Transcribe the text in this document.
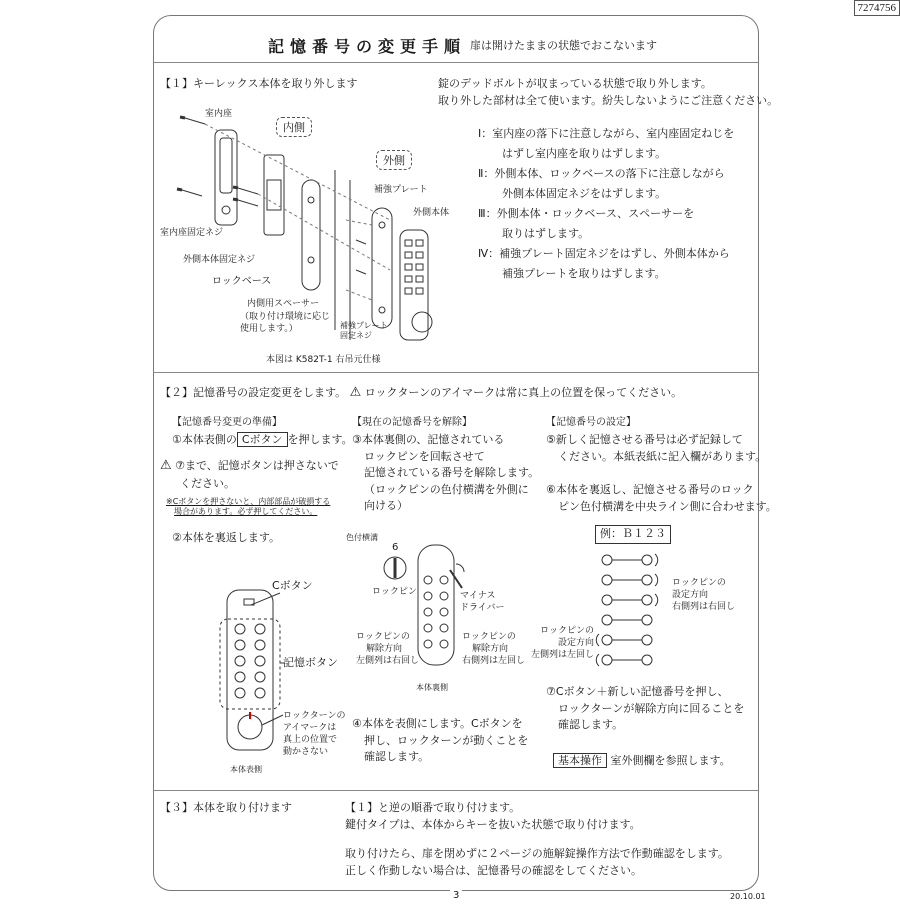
7274756
記憶番号の変更手順 扉は開けたままの状態でおこないます
【１】キーレックス本体を取り外します	錠のデッドボルトが収まっている状態で取り外します。
取り外した部材は全て使います。紛失しないようにご注意ください。
Ⅰ：室内座の落下に注意しながら、室内座固定ねじを
はずし室内座を取りはずします。
Ⅱ：外側本体、ロックベースの落下に注意しながら
外側本体固定ネジをはずします。
Ⅲ：外側本体・ロックベース、スペーサーを
取りはずします。
Ⅳ：補強プレート固定ネジをはずし、外側本体から
補強プレートを取りはずします。
内側
外側
室内座
室内座固定ネジ
外側本体固定ネジ
ロックベース
内側用スペーサー
（取り付け環境に応じ
使用します。）
補強プレート
外側本体
補強プレート
固定ネジ
本図は K582T-1 右吊元仕様
【２】記憶番号の設定変更をします。 ⚠ ロックターンのアイマークは常に真上の位置を保ってください。
【記憶番号変更の準備】
①本体表側の Cボタン を押します。
⚠ ⑦まで、記憶ボタンは押さないで
ください。
※Cボタンを押さないと、内部部品が破損する
場合があります。必ず押してください。
②本体を裏返します。
Cボタン
記憶ボタン
ロックターンの
アイマークは
真上の位置で
動かさない
本体表側
【現在の記憶番号を解除】
③本体裏側の、記憶されている
ロックピンを回転させて
記憶されている番号を解除します。
（ロックピンの色付横溝を外側に
向ける）
色付横溝
6
ロックピン	マイナス
ドライバー
ロックピンの
解除方向
左側列は右回し
ロックピンの
解除方向
右側列は左回し
本体裏側
④本体を表側にします。Cボタンを
押し、ロックターンが動くことを
確認します。
【記憶番号の設定】
⑤新しく記憶させる番号は必ず記録して
ください。本紙表紙に記入欄があります。
⑥本体を裏返し、記憶させる番号のロック
ピン色付横溝を中央ライン側に合わせます。
例：Ｂ１２３
ロックピンの
設定方向
右側列は右回し
ロックピンの
設定方向
左側列は左回し
⑦Cボタン＋新しい記憶番号を押し、
ロックターンが解除方向に回ることを
確認します。
基本操作 室外側欄を参照します。
【３】本体を取り付けます	【１】と逆の順番で取り付けます。
鍵付タイプは、本体からキーを抜いた状態で取り付けます。
取り付けたら、扉を閉めずに２ページの施解錠操作方法で作動確認をします。
正しく作動しない場合は、記憶番号の確認をしてください。
3	20.10.01
